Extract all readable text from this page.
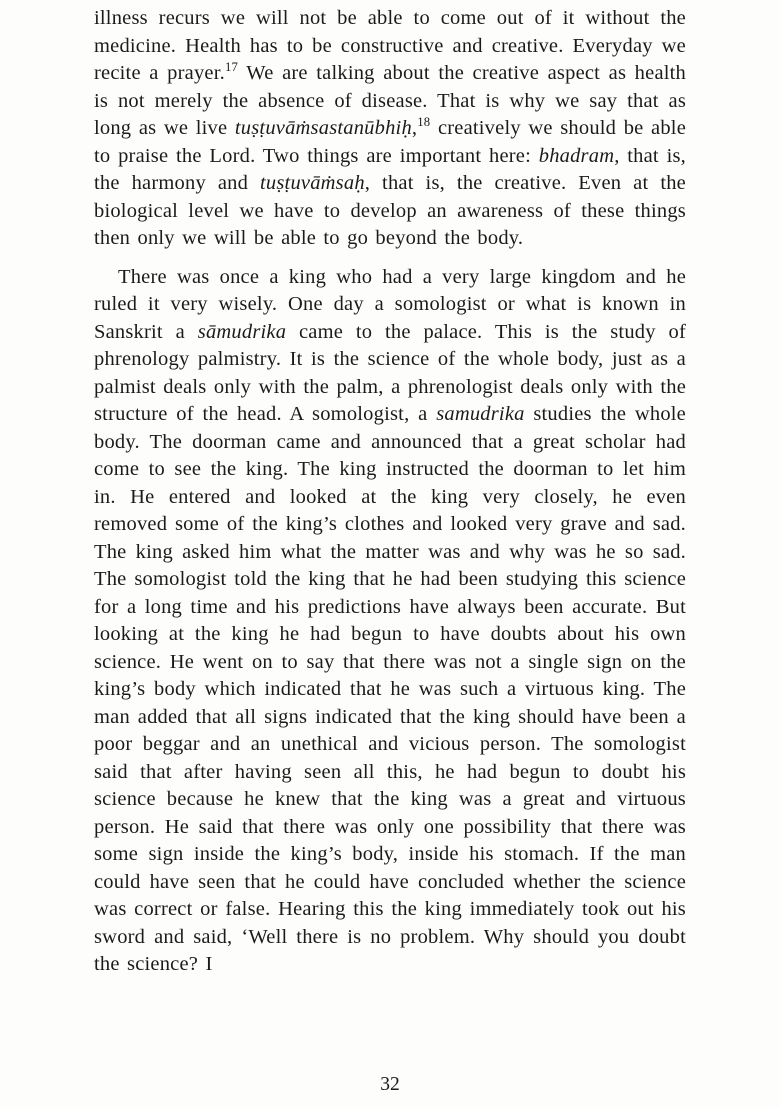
illness recurs we will not be able to come out of it without the medicine. Health has to be constructive and creative. Everyday we recite a prayer.$^{17}$ We are talking about the creative aspect as health is not merely the absence of disease. That is why we say that as long as we live tuṣṭuvāṁsastanūbhiḥ,$^{18}$ creatively we should be able to praise the Lord. Two things are important here: bhadram, that is, the harmony and tuṣṭuvāṁsaḥ, that is, the creative. Even at the biological level we have to develop an awareness of these things then only we will be able to go beyond the body.

There was once a king who had a very large kingdom and he ruled it very wisely. One day a somologist or what is known in Sanskrit a sāmudrika came to the palace. This is the study of phrenology palmistry. It is the science of the whole body, just as a palmist deals only with the palm, a phrenologist deals only with the structure of the head. A somologist, a samudrika studies the whole body. The doorman came and announced that a great scholar had come to see the king. The king instructed the doorman to let him in. He entered and looked at the king very closely, he even removed some of the king’s clothes and looked very grave and sad. The king asked him what the matter was and why was he so sad. The somologist told the king that he had been studying this science for a long time and his predictions have always been accurate. But looking at the king he had begun to have doubts about his own science. He went on to say that there was not a single sign on the king’s body which indicated that he was such a virtuous king. The man added that all signs indicated that the king should have been a poor beggar and an unethical and vicious person. The somologist said that after having seen all this, he had begun to doubt his science because he knew that the king was a great and virtuous person. He said that there was only one possibility that there was some sign inside the king’s body, inside his stomach. If the man could have seen that he could have concluded whether the science was correct or false. Hearing this the king immediately took out his sword and said, ‘Well there is no problem. Why should you doubt the science? I

32
